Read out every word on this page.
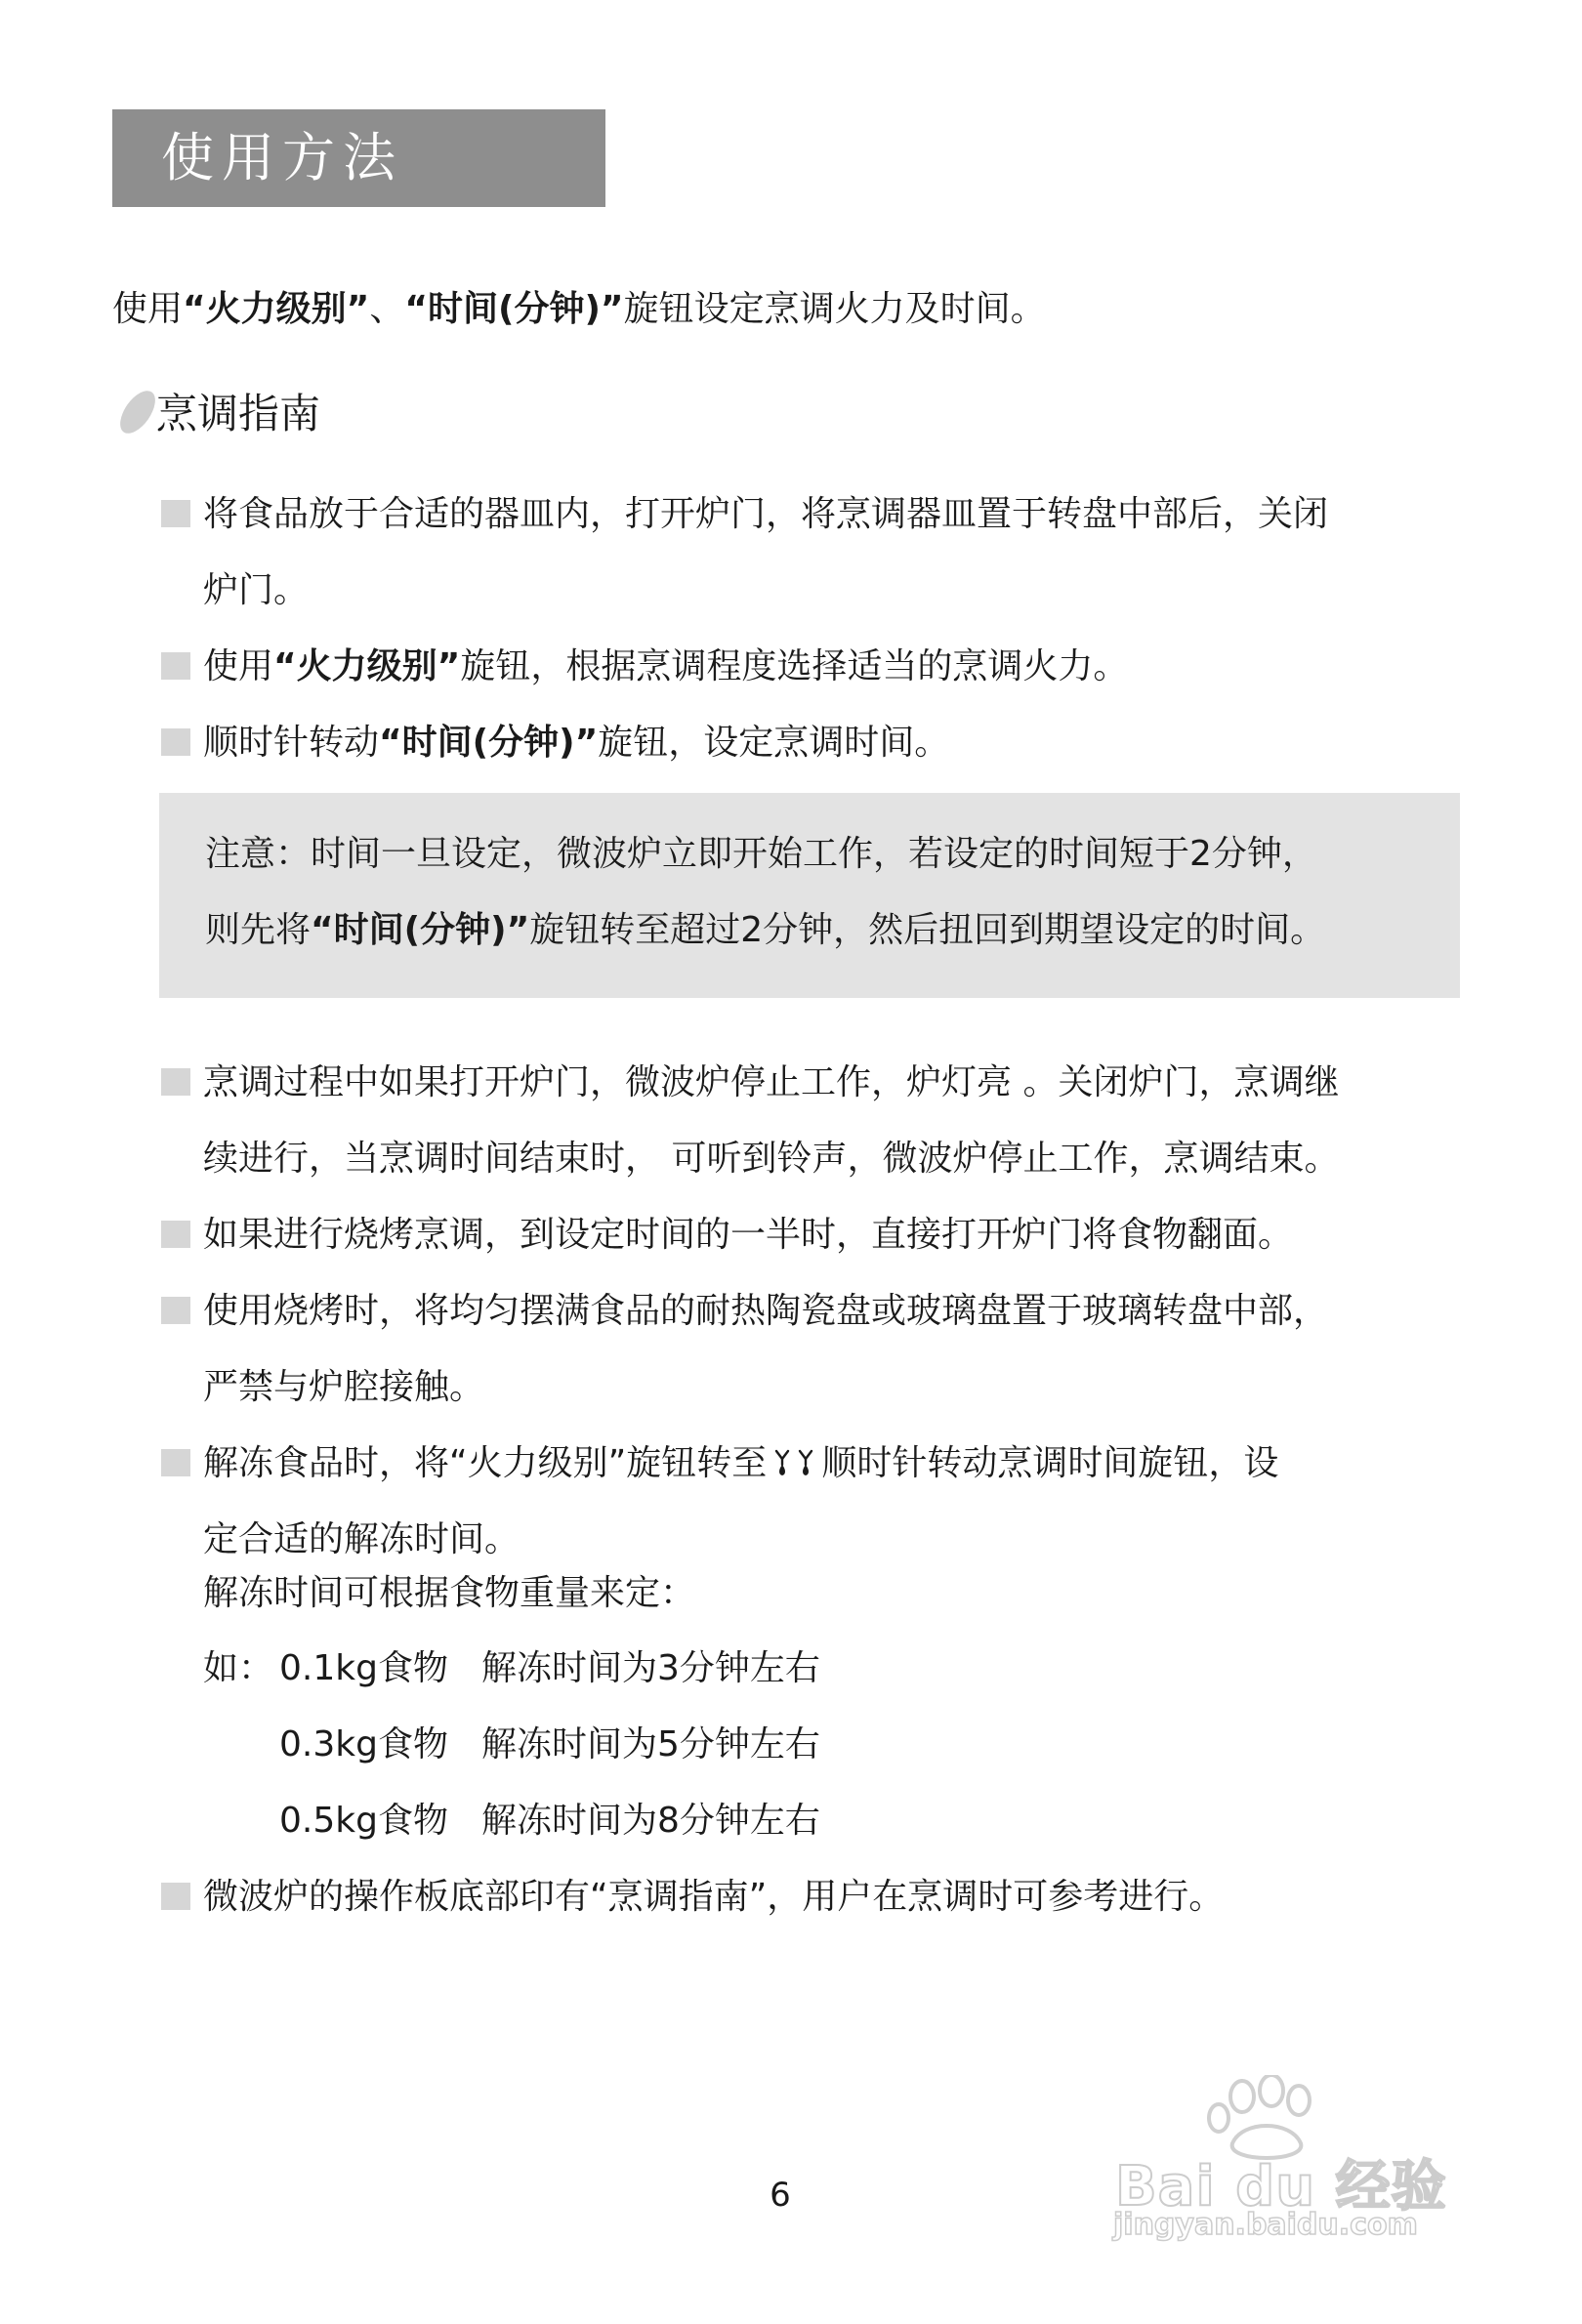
使用方法
使用“火力级别”、“时间(分钟)”旋钮设定烹调火力及时间。
烹调指南
将食品放于合适的器皿内，打开炉门，将烹调器皿置于转盘中部后，关闭
炉门。
使用“火力级别”旋钮，根据烹调程度选择适当的烹调火力。
顺时针转动“时间(分钟)”旋钮，设定烹调时间。
注意：时间一旦设定，微波炉立即开始工作，若设定的时间短于2分钟，
则先将“时间(分钟)”旋钮转至超过2分钟，然后扭回到期望设定的时间。
烹调过程中如果打开炉门，微波炉停止工作，炉灯亮 。关闭炉门，烹调继
续进行，当烹调时间结束时， 可听到铃声，微波炉停止工作，烹调结束。
如果进行烧烤烹调，到设定时间的一半时，直接打开炉门将食物翻面。
使用烧烤时，将均匀摆满食品的耐热陶瓷盘或玻璃盘置于玻璃转盘中部，
严禁与炉腔接触。
解冻食品时，将“火力级别”旋钮转至 顺时针转动烹调时间旋钮，设
定合适的解冻时间。
解冻时间可根据食物重量来定：
如： 0.1kg食物 解冻时间为3分钟左右
0.3kg食物 解冻时间为5分钟左右
0.5kg食物 解冻时间为8分钟左右
微波炉的操作板底部印有“烹调指南”，用户在烹调时可参考进行。
Bai du 经验
jingyan.baidu.com
6
